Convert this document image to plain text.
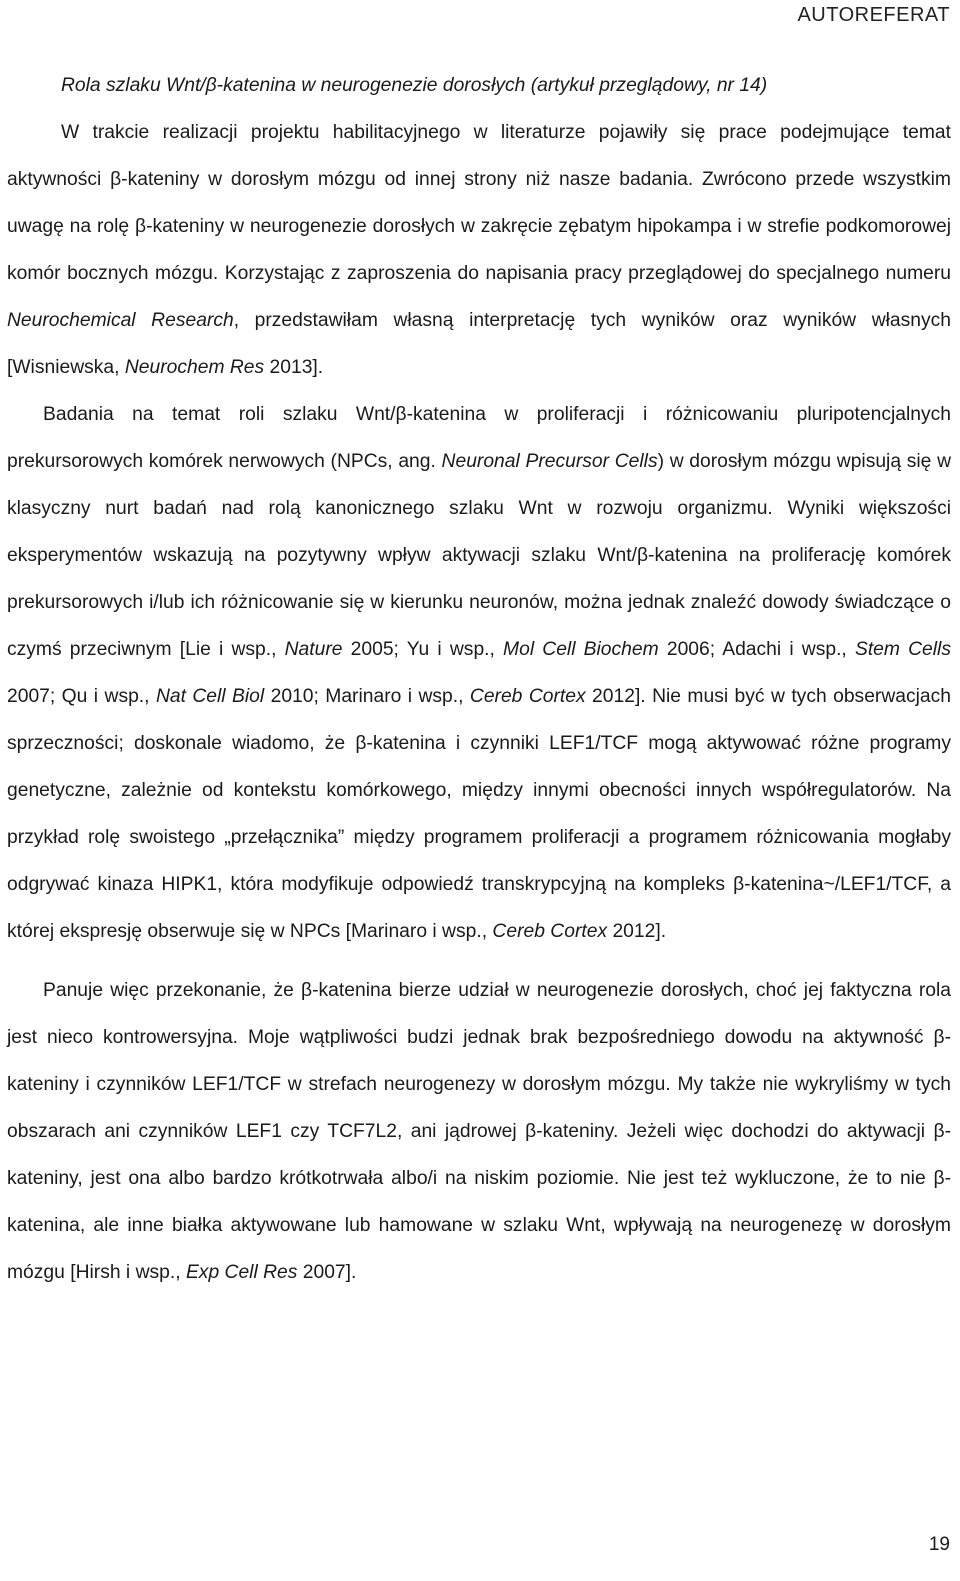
AUTOREFERAT

Rola szlaku Wnt/β-katenina w neurogenezie dorosłych (artykuł przeglądowy, nr 14)

W trakcie realizacji projektu habilitacyjnego w literaturze pojawiły się prace podejmujące temat aktywności β-kateniny w dorosłym mózgu od innej strony niż nasze badania. Zwrócono przede wszystkim uwagę na rolę β-kateniny w neurogenezie dorosłych w zakręcie zębatym hipokampa i w strefie podkomorowej komór bocznych mózgu. Korzystając z zaproszenia do napisania pracy przeglądowej do specjalnego numeru Neurochemical Research, przedstawiłam własną interpretację tych wyników oraz wyników własnych [Wisniewska, Neurochem Res 2013].

Badania na temat roli szlaku Wnt/β-katenina w proliferacji i różnicowaniu pluripotencjalnych prekursorowych komórek nerwowych (NPCs, ang. Neuronal Precursor Cells) w dorosłym mózgu wpisują się w klasyczny nurt badań nad rolą kanonicznego szlaku Wnt w rozwoju organizmu. Wyniki większości eksperymentów wskazują na pozytywny wpływ aktywacji szlaku Wnt/β-katenina na proliferację komórek prekursorowych i/lub ich różnicowanie się w kierunku neuronów, można jednak znaleźć dowody świadczące o czymś przeciwnym [Lie i wsp., Nature 2005; Yu i wsp., Mol Cell Biochem 2006; Adachi i wsp., Stem Cells 2007; Qu i wsp., Nat Cell Biol 2010; Marinaro i wsp., Cereb Cortex 2012]. Nie musi być w tych obserwacjach sprzeczności; doskonale wiadomo, że β-katenina i czynniki LEF1/TCF mogą aktywować różne programy genetyczne, zależnie od kontekstu komórkowego, między innymi obecności innych współregulatorów. Na przykład rolę swoistego „przełącznika” między programem proliferacji a programem różnicowania mogłaby odgrywać kinaza HIPK1, która modyfikuje odpowiedź transkrypcyjną na kompleks β-katenina~/LEF1/TCF, a której ekspresję obserwuje się w NPCs [Marinaro i wsp., Cereb Cortex 2012].

Panuje więc przekonanie, że β-katenina bierze udział w neurogenezie dorosłych, choć jej faktyczna rola jest nieco kontrowersyjna. Moje wątpliwości budzi jednak brak bezpośredniego dowodu na aktywność β-kateniny i czynników LEF1/TCF w strefach neurogenezy w dorosłym mózgu. My także nie wykryliśmy w tych obszarach ani czynników LEF1 czy TCF7L2, ani jądrowej β-kateniny. Jeżeli więc dochodzi do aktywacji β-kateniny, jest ona albo bardzo krótkotrwała albo/i na niskim poziomie. Nie jest też wykluczone, że to nie β-katenina, ale inne białka aktywowane lub hamowane w szlaku Wnt, wpływają na neurogenezę w dorosłym mózgu [Hirsh i wsp., Exp Cell Res 2007].

19
